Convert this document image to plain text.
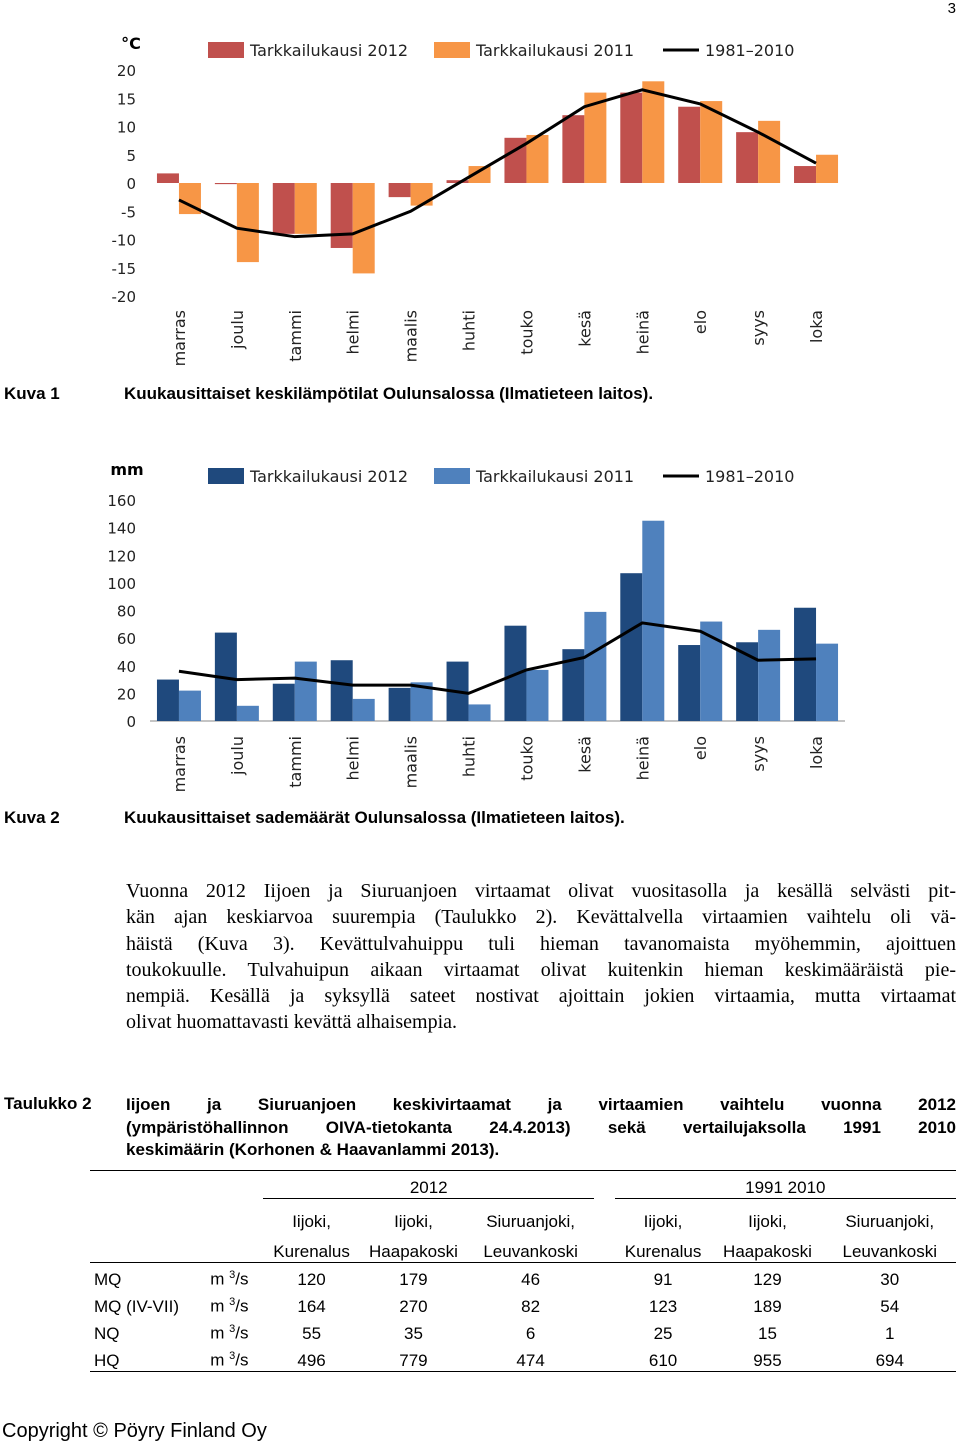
3
°C
20
15
10
5
0
-5
-10
-15
-20
marras joulu tammi helmi maalis huhti touko kesä heinä elo syys loka
Tarkkailukausi 2012	Tarkkailukausi 2011	1981–2010
Kuva 1	Kuukausittaiset keskilämpötilat Oulunsalossa (Ilmatieteen laitos).
mm
160
140
120
100
80
60
40
20
0
marras joulu tammi helmi maalis huhti touko kesä heinä elo syys loka
Tarkkailukausi 2012	Tarkkailukausi 2011	1981–2010
Kuva 2	Kuukausittaiset sademäärät Oulunsalossa (Ilmatieteen laitos).
Vuonna 2012 Iijoen ja Siuruanjoen virtaamat olivat vuositasolla ja kesällä selvästi pit-
kän ajan keskiarvoa suurempia (Taulukko 2). Kevättalvella virtaamien vaihtelu oli vä-
häistä (Kuva 3). Kevättulvahuippu tuli hieman tavanomaista myöhemmin, ajoittuen
toukokuulle. Tulvahuipun aikaan virtaamat olivat kuitenkin hieman keskimääräistä pie-
nempiä. Kesällä ja syksyllä sateet nostivat ajoittain jokien virtaamia, mutta virtaamat
olivat huomattavasti kevättä alhaisempia.
Taulukko 2 Iijoen ja Siuruanjoen keskivirtaamat ja virtaamien vaihtelu vuonna 2012
(ympäristöhallinnon OIVA-tietokanta 24.4.2013) sekä vertailujaksolla 1991 2010
keskimäärin (Korhonen & Haavanlammi 2013).
		2012				1991 2010		
		Iijoki,	Iijoki,	Siuruanjoki,		Iijoki,	Iijoki,	Siuruanjoki,
		Kurenalus	Haapakoski	Leuvankoski		Kurenalus	Haapakoski	Leuvankoski
MQ	m $^3$/s	120	179	46		91	129	30
MQ (IV-VII)	m $^3$/s	164	270	82		123	189	54
NQ	m $^3$/s	55	35	6		25	15	1
HQ	m $^3$/s	496	779	474		610	955	694
Copyright © Pöyry Finland Oy
